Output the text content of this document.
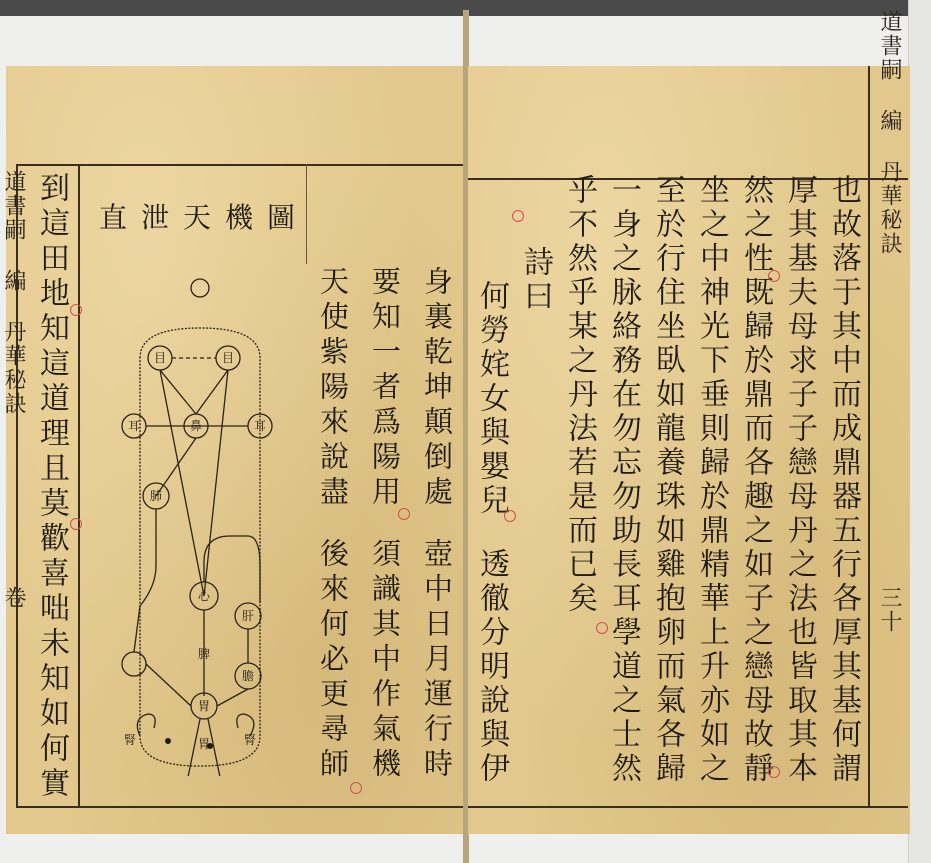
道書嗣 編 丹華秘訣
卷 到這田地知這道理且莫歡喜咄未知如何實 直泄天機圖
身裏乾坤顛倒處
要知一者爲陽用
天使紫陽來說盡
壺中日月運行時
須識其中作氣機
後來何必更尋師
目	目
耳	鼻	耳
肺
肝
心
脾
膽
胃
腎	胃	腎
道書嗣 編 丹華秘訣
三十
也故落于其中而成鼎器五行各厚其基何謂
厚其基夫母求子子戀母丹之法也皆取其本
然之性既歸於鼎而各趣之如子之戀母故靜
坐之中神光下垂則歸於鼎精華上升亦如之
至於行住坐臥如龍養珠如雞抱卵而氣各歸
一身之脉絡務在勿忘勿助長耳學道之士然
乎不然乎某之丹法若是而已矣
詩曰
何勞姹女與嬰兒
透徹分明說與伊
